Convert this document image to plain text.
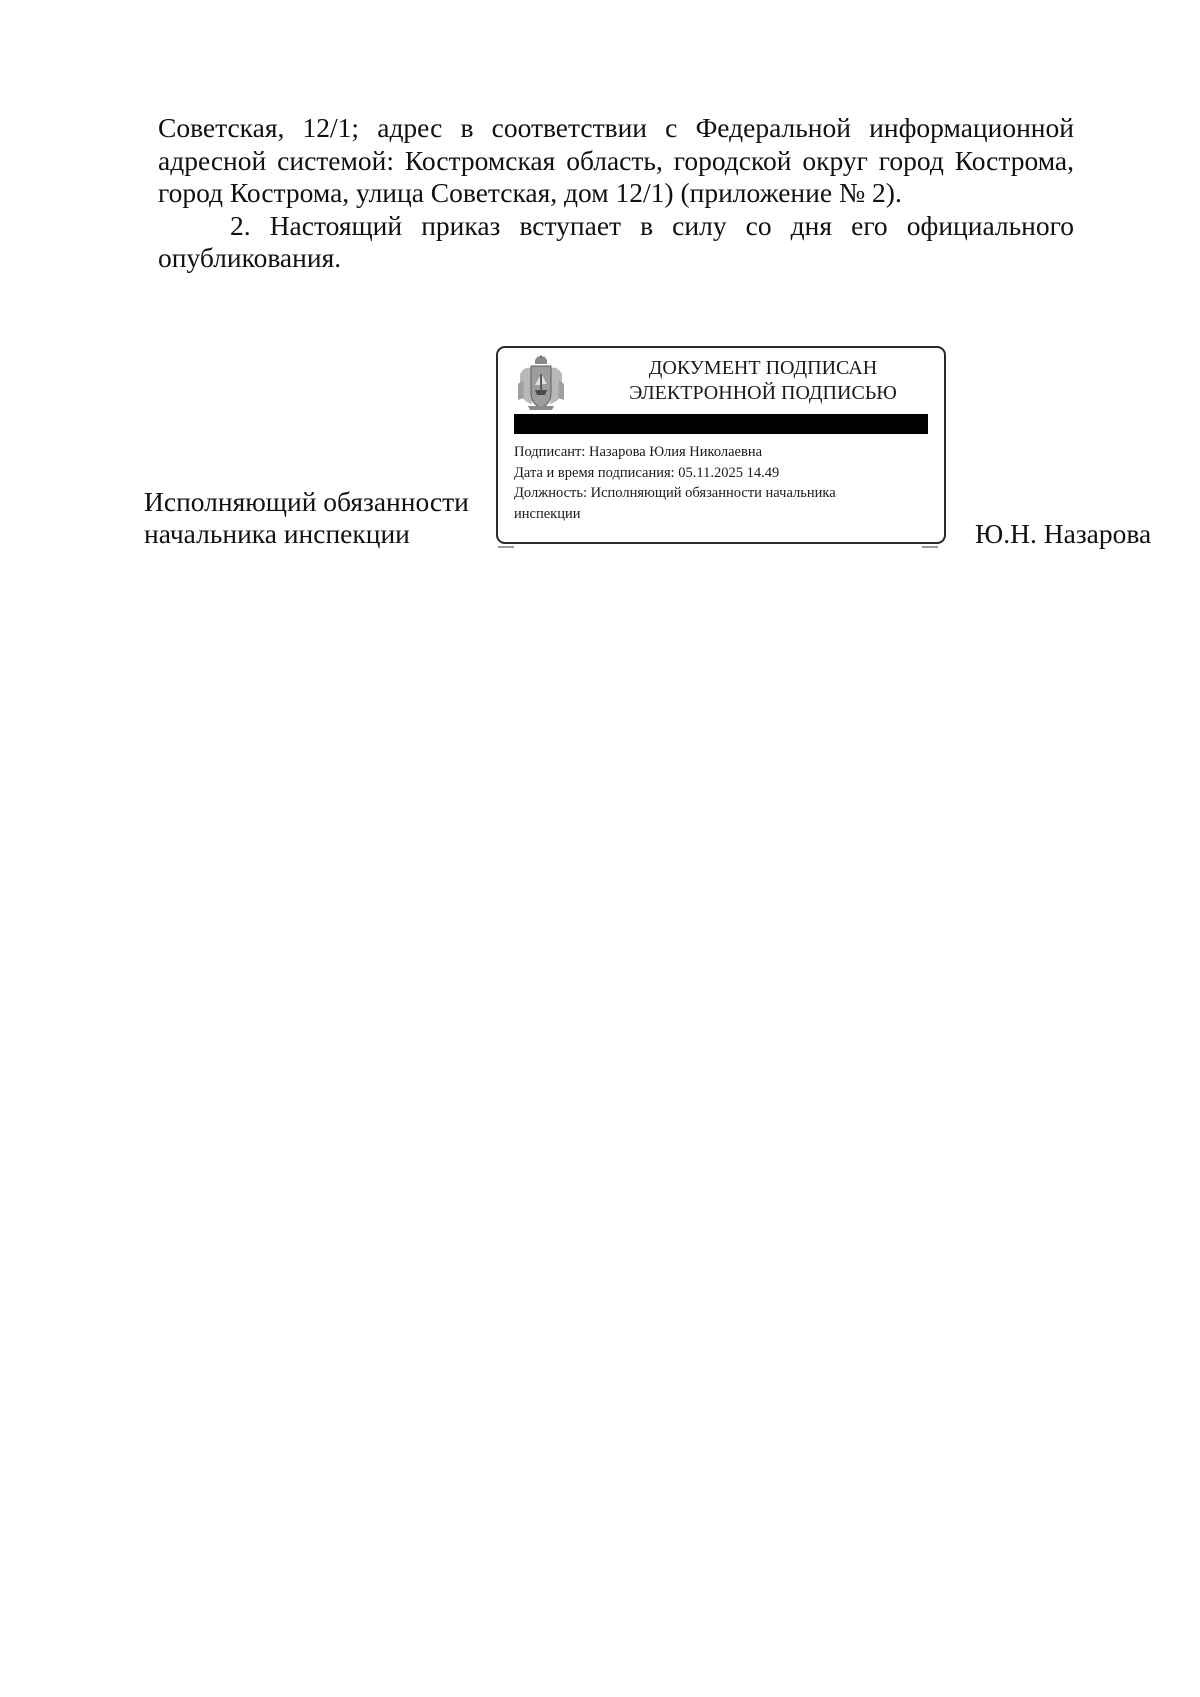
Советская, 12/1; адрес в соответствии с Федеральной информационной адресной системой: Костромская область, городской округ город Кострома, город Кострома, улица Советская, дом 12/1) (приложение № 2).

2. Настоящий приказ вступает в силу со дня его официального опубликования.

ДОКУМЕНТ ПОДПИСАН
ЭЛЕКТРОННОЙ ПОДПИСЬЮ
Подписант: Назарова Юлия Николаевна
Дата и время подписания: 05.11.2025 14.49
Должность: Исполняющий обязанности начальника
инспекции
Исполняющий обязанности
начальника инспекции	Ю.Н. Назарова
